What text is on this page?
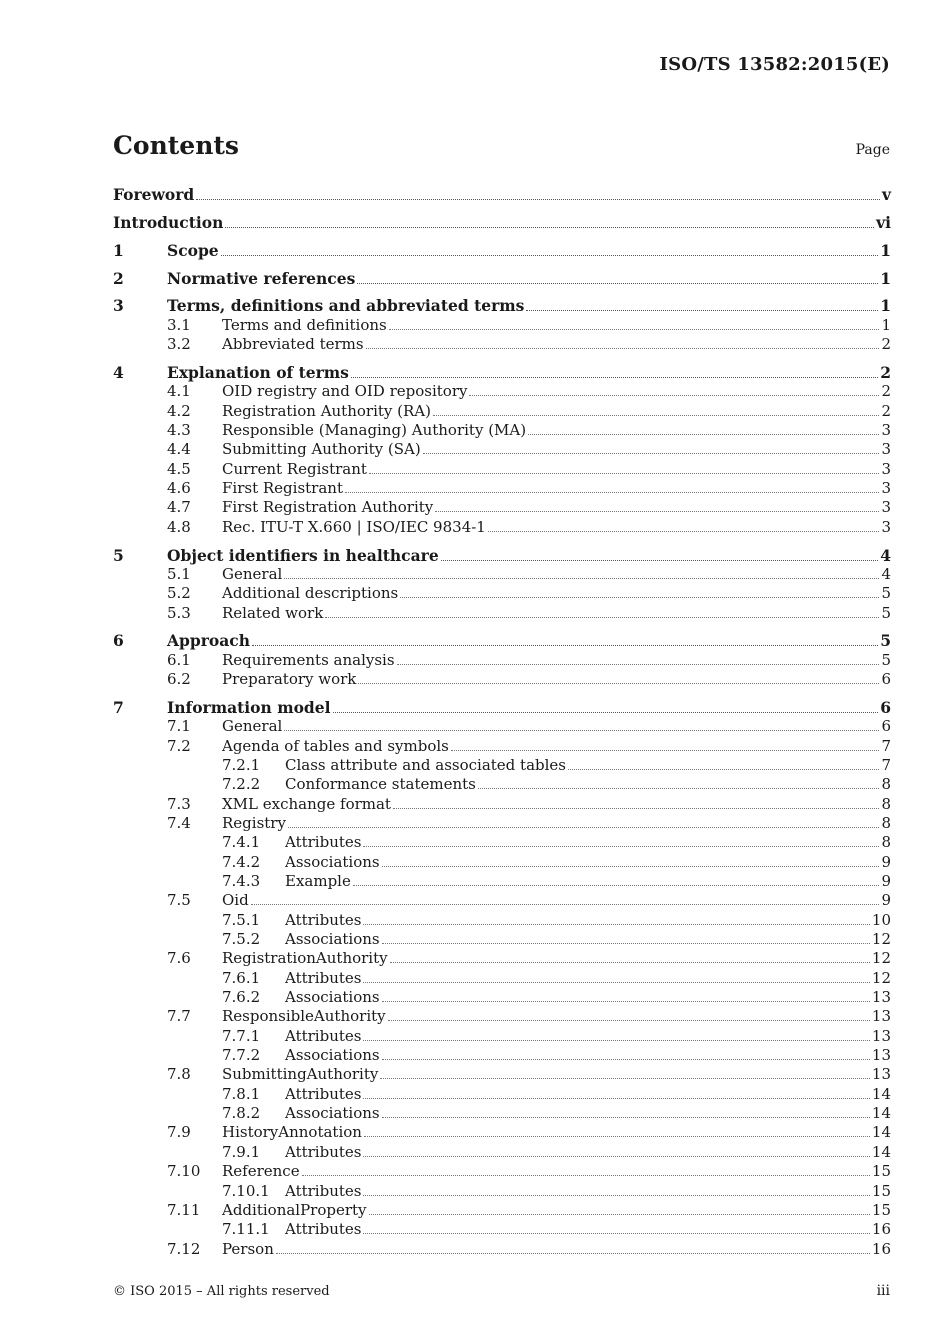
ISO/TS 13582:2015(E)
Contents	Page
Foreword	v
Introduction	vi
1	Scope	1
2	Normative references	1
3	Terms, definitions and abbreviated terms	1
3.1 Terms and definitions	1
3.2 Abbreviated terms	2
4	Explanation of terms	2
4.1 OID registry and OID repository	2
4.2 Registration Authority (RA)	2
4.3 Responsible (Managing) Authority (MA)	3
4.4 Submitting Authority (SA)	3
4.5 Current Registrant	3
4.6 First Registrant	3
4.7 First Registration Authority	3
4.8 Rec. ITU-T X.660 | ISO/IEC 9834-1	3
5	Object identifiers in healthcare	4
5.1 General	4
5.2 Additional descriptions	5
5.3 Related work	5
6	Approach	5
6.1 Requirements analysis	5
6.2 Preparatory work	6
7	Information model	6
7.1 General	6
7.2 Agenda of tables and symbols	7
7.2.1 Class attribute and associated tables	7
7.2.2 Conformance statements	8
7.3 XML exchange format	8
7.4 Registry	8
7.4.1 Attributes	8
7.4.2 Associations	9
7.4.3 Example	9
7.5 Oid	9
7.5.1 Attributes	10
7.5.2 Associations	12
7.6 RegistrationAuthority	12
7.6.1 Attributes	12
7.6.2 Associations	13
7.7 ResponsibleAuthority	13
7.7.1 Attributes	13
7.7.2 Associations	13
7.8 SubmittingAuthority	13
7.8.1 Attributes	14
7.8.2 Associations	14
7.9 HistoryAnnotation	14
7.9.1 Attributes	14
7.10 Reference	15
7.10.1 Attributes	15
7.11 AdditionalProperty	15
7.11.1 Attributes	16
7.12 Person	16
© ISO 2015 – All rights reserved	iii
